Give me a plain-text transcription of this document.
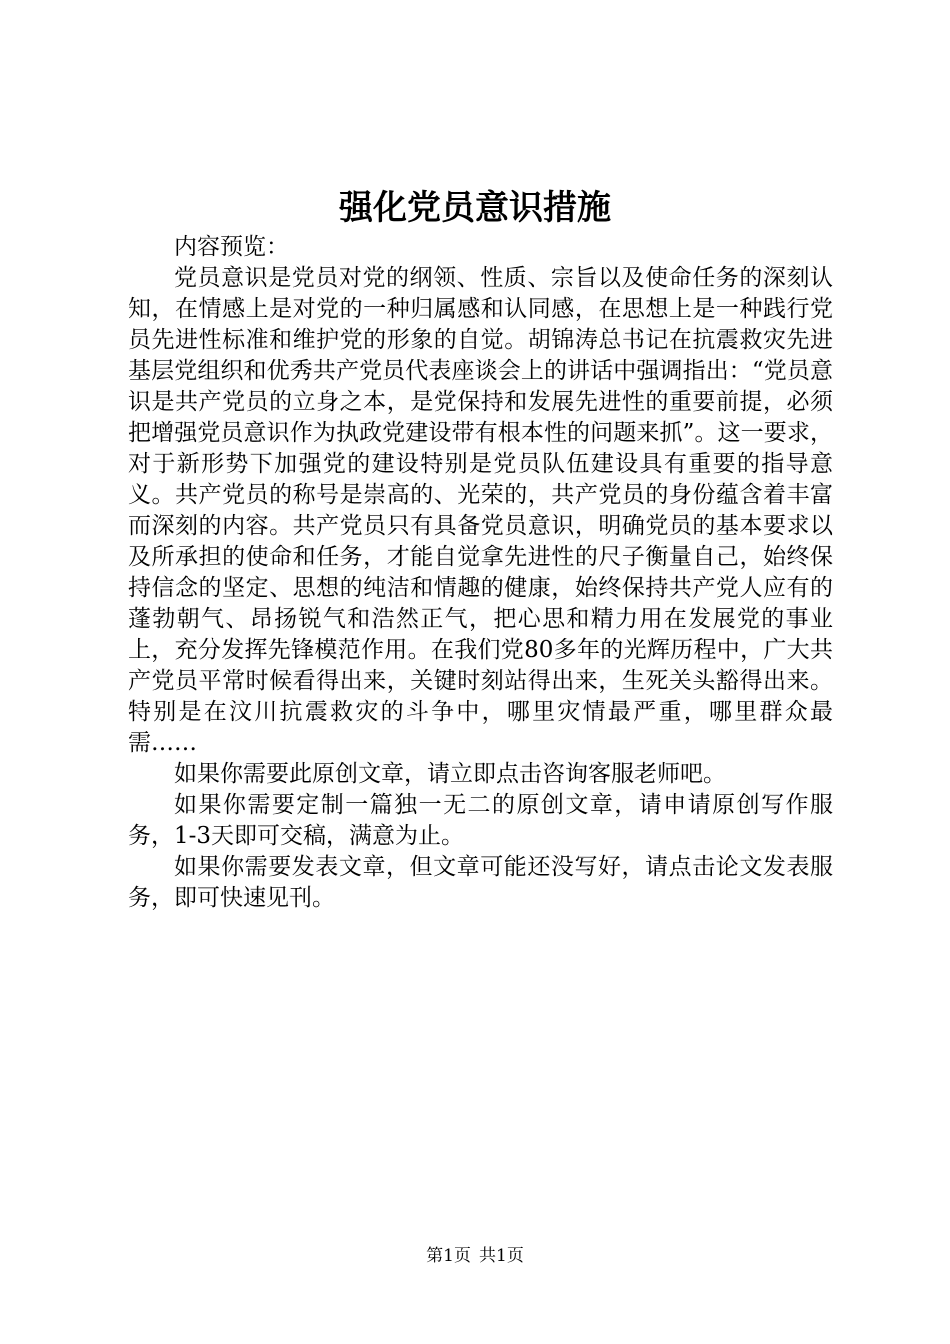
强化党员意识措施

内容预览：

党员意识是党员对党的纲领、性质、宗旨以及使命任务的深刻认知，在情感上是对党的一种归属感和认同感，在思想上是一种践行党员先进性标准和维护党的形象的自觉。胡锦涛总书记在抗震救灾先进基层党组织和优秀共产党员代表座谈会上的讲话中强调指出：“党员意识是共产党员的立身之本，是党保持和发展先进性的重要前提，必须把增强党员意识作为执政党建设带有根本性的问题来抓”。这一要求，对于新形势下加强党的建设特别是党员队伍建设具有重要的指导意义。共产党员的称号是崇高的、光荣的，共产党员的身份蕴含着丰富而深刻的内容。共产党员只有具备党员意识，明确党员的基本要求以及所承担的使命和任务，才能自觉拿先进性的尺子衡量自己，始终保持信念的坚定、思想的纯洁和情趣的健康，始终保持共产党人应有的蓬勃朝气、昂扬锐气和浩然正气，把心思和精力用在发展党的事业上，充分发挥先锋模范作用。在我们党80多年的光辉历程中，广大共产党员平常时候看得出来，关键时刻站得出来，生死关头豁得出来。特别是在汶川抗震救灾的斗争中，哪里灾情最严重，哪里群众最需……

如果你需要此原创文章，请立即点击咨询客服老师吧。

如果你需要定制一篇独一无二的原创文章，请申请原创写作服务，1-3天即可交稿，满意为止。

如果你需要发表文章，但文章可能还没写好，请点击论文发表服务，即可快速见刊。

第1页 共1页
